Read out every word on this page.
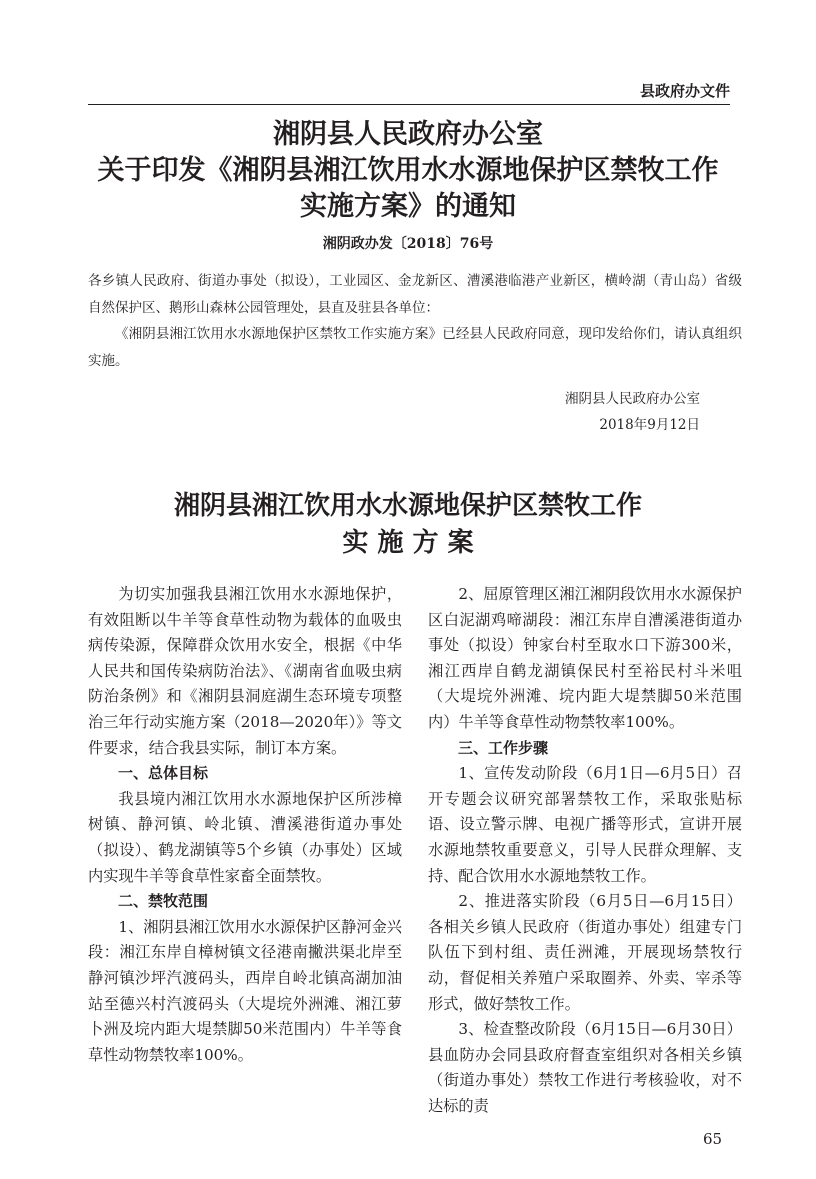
县政府办文件
湘阴县人民政府办公室
关于印发《湘阴县湘江饮用水水源地保护区禁牧工作
实施方案》的通知
湘阴政办发〔2018〕76号

各乡镇人民政府、街道办事处（拟设），工业园区、金龙新区、漕溪港临港产业新区，横岭湖（青山岛）省级自然保护区、鹅形山森林公园管理处，县直及驻县各单位：

《湘阴县湘江饮用水水源地保护区禁牧工作实施方案》已经县人民政府同意，现印发给你们，请认真组织实施。

湘阴县人民政府办公室
2018年9月12日
湘阴县湘江饮用水水源地保护区禁牧工作
实 施 方 案

为切实加强我县湘江饮用水水源地保护，有效阻断以牛羊等食草性动物为载体的血吸虫病传染源，保障群众饮用水安全，根据《中华人民共和国传染病防治法》、《湖南省血吸虫病防治条例》和《湘阴县洞庭湖生态环境专项整治三年行动实施方案（2018—2020年）》等文件要求，结合我县实际，制订本方案。

一、总体目标

我县境内湘江饮用水水源地保护区所涉樟树镇、静河镇、岭北镇、漕溪港街道办事处（拟设）、鹤龙湖镇等5个乡镇（办事处）区域内实现牛羊等食草性家畜全面禁牧。

二、禁牧范围

1、湘阴县湘江饮用水水源保护区静河金兴段：湘江东岸自樟树镇文径港南撇洪渠北岸至静河镇沙坪汽渡码头，西岸自岭北镇高湖加油站至德兴村汽渡码头（大堤垸外洲滩、湘江萝卜洲及垸内距大堤禁脚50米范围内）牛羊等食草性动物禁牧率100%。

2、屈原管理区湘江湘阴段饮用水水源保护区白泥湖鸡啼湖段：湘江东岸自漕溪港街道办事处（拟设）钟家台村至取水口下游300米，湘江西岸自鹤龙湖镇保民村至裕民村斗米咀（大堤垸外洲滩、垸内距大堤禁脚50米范围内）牛羊等食草性动物禁牧率100%。

三、工作步骤

1、宣传发动阶段（6月1日—6月5日）召开专题会议研究部署禁牧工作，采取张贴标语、设立警示牌、电视广播等形式，宣讲开展水源地禁牧重要意义，引导人民群众理解、支持、配合饮用水水源地禁牧工作。

2、推进落实阶段（6月5日—6月15日）各相关乡镇人民政府（街道办事处）组建专门队伍下到村组、责任洲滩，开展现场禁牧行动，督促相关养殖户采取圈养、外卖、宰杀等形式，做好禁牧工作。

3、检查整改阶段（6月15日—6月30日）县血防办会同县政府督查室组织对各相关乡镇（街道办事处）禁牧工作进行考核验收，对不达标的责

65
